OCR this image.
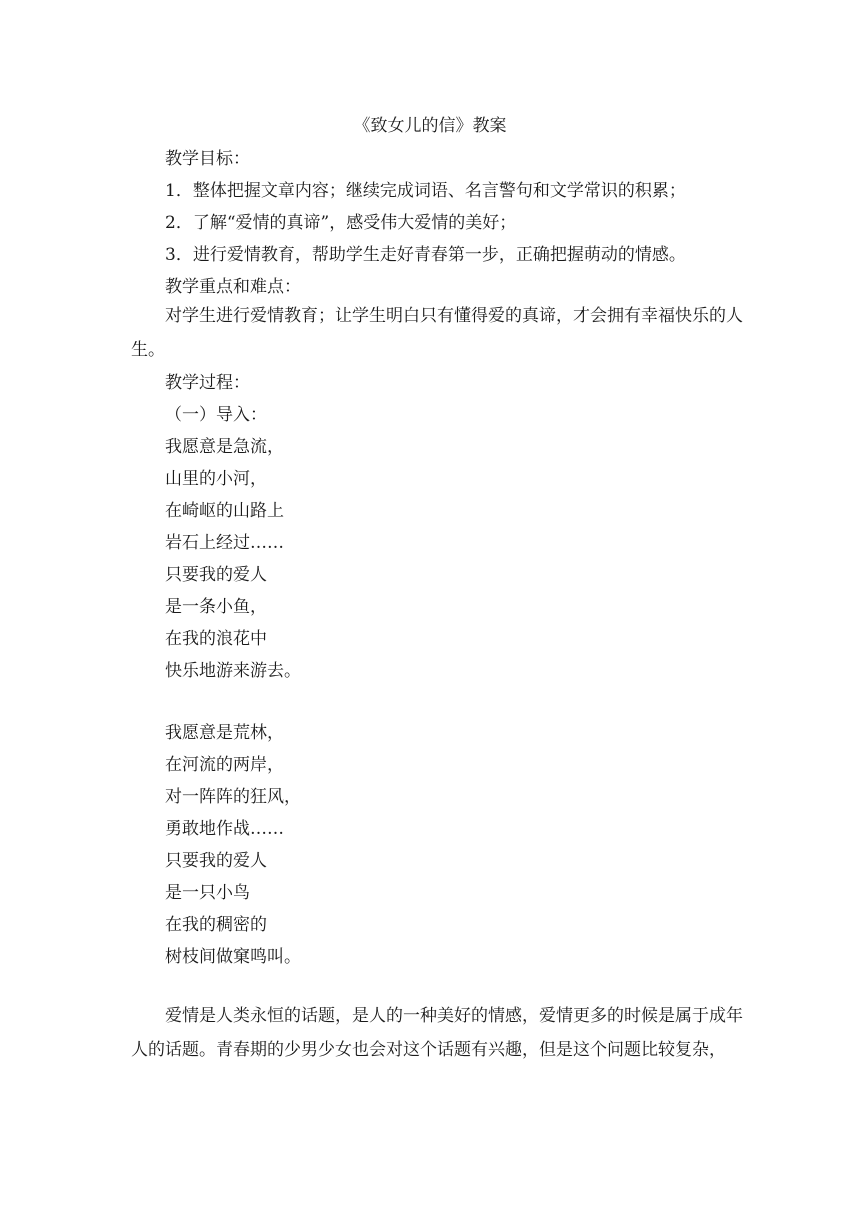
《致女儿的信》教案

教学目标：

1．整体把握文章内容；继续完成词语、名言警句和文学常识的积累；

2．了解“爱情的真谛”，感受伟大爱情的美好；

3．进行爱情教育，帮助学生走好青春第一步，正确把握萌动的情感。

教学重点和难点：

对学生进行爱情教育；让学生明白只有懂得爱的真谛，才会拥有幸福快乐的人生。

教学过程：

（一）导入：

我愿意是急流，

山里的小河，

在崎岖的山路上

岩石上经过……

只要我的爱人

是一条小鱼，

在我的浪花中

快乐地游来游去。

我愿意是荒林，

在河流的两岸，

对一阵阵的狂风，

勇敢地作战……

只要我的爱人

是一只小鸟

在我的稠密的

树枝间做窠鸣叫。

爱情是人类永恒的话题，是人的一种美好的情感，爱情更多的时候是属于成年人的话题。青春期的少男少女也会对这个话题有兴趣，但是这个问题比较复杂，
